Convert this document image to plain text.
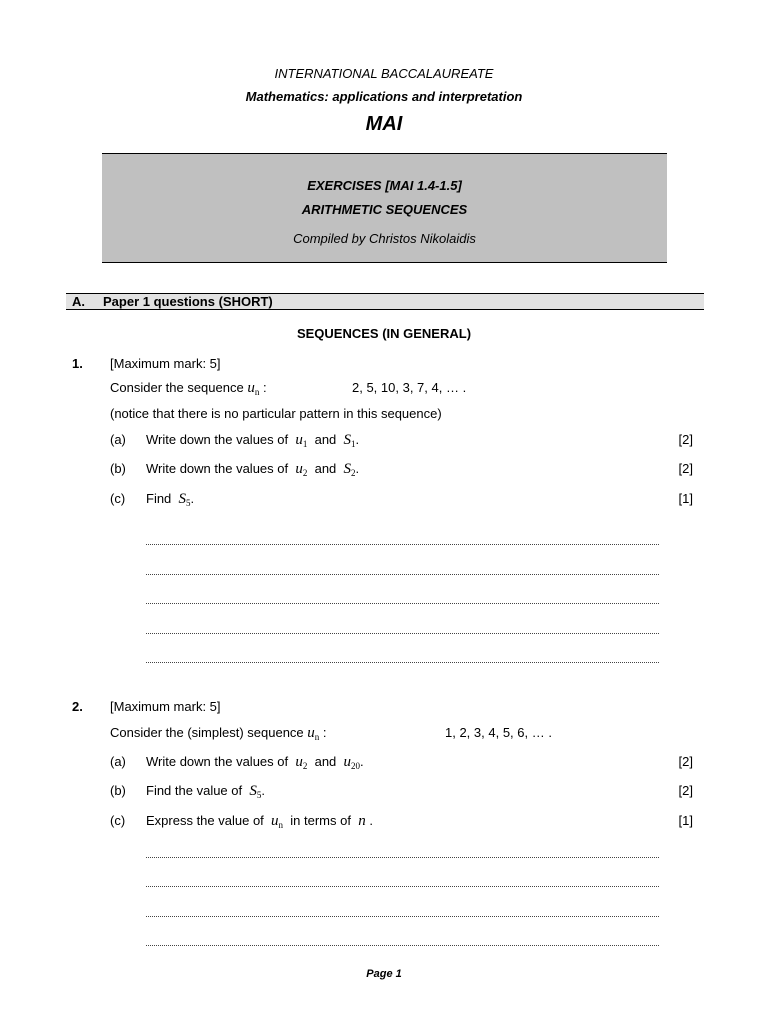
INTERNATIONAL BACCALAUREATE
Mathematics: applications and interpretation
MAI
EXERCISES [MAI 1.4-1.5]
ARITHMETIC SEQUENCES
Compiled by Christos Nikolaidis
A. Paper 1 questions (SHORT)
SEQUENCES (IN GENERAL)
1. [Maximum mark: 5]
Consider the sequence $u_n$ :	2, 5, 10, 3, 7, 4, … .
(notice that there is no particular pattern in this sequence)
(a) Write down the values of $u_1$ and $S_1$.	[2]
(b) Write down the values of $u_2$ and $S_2$.	[2]
(c) Find $S_5$.	[1]
2. [Maximum mark: 5]
Consider the (simplest) sequence $u_n$ :	1, 2, 3, 4, 5, 6, … .
(a) Write down the values of $u_2$ and $u_{20}$.	[2]
(b) Find the value of $S_5$.	[2]
(c) Express the value of $u_n$ in terms of n .	[1]
Page 1
